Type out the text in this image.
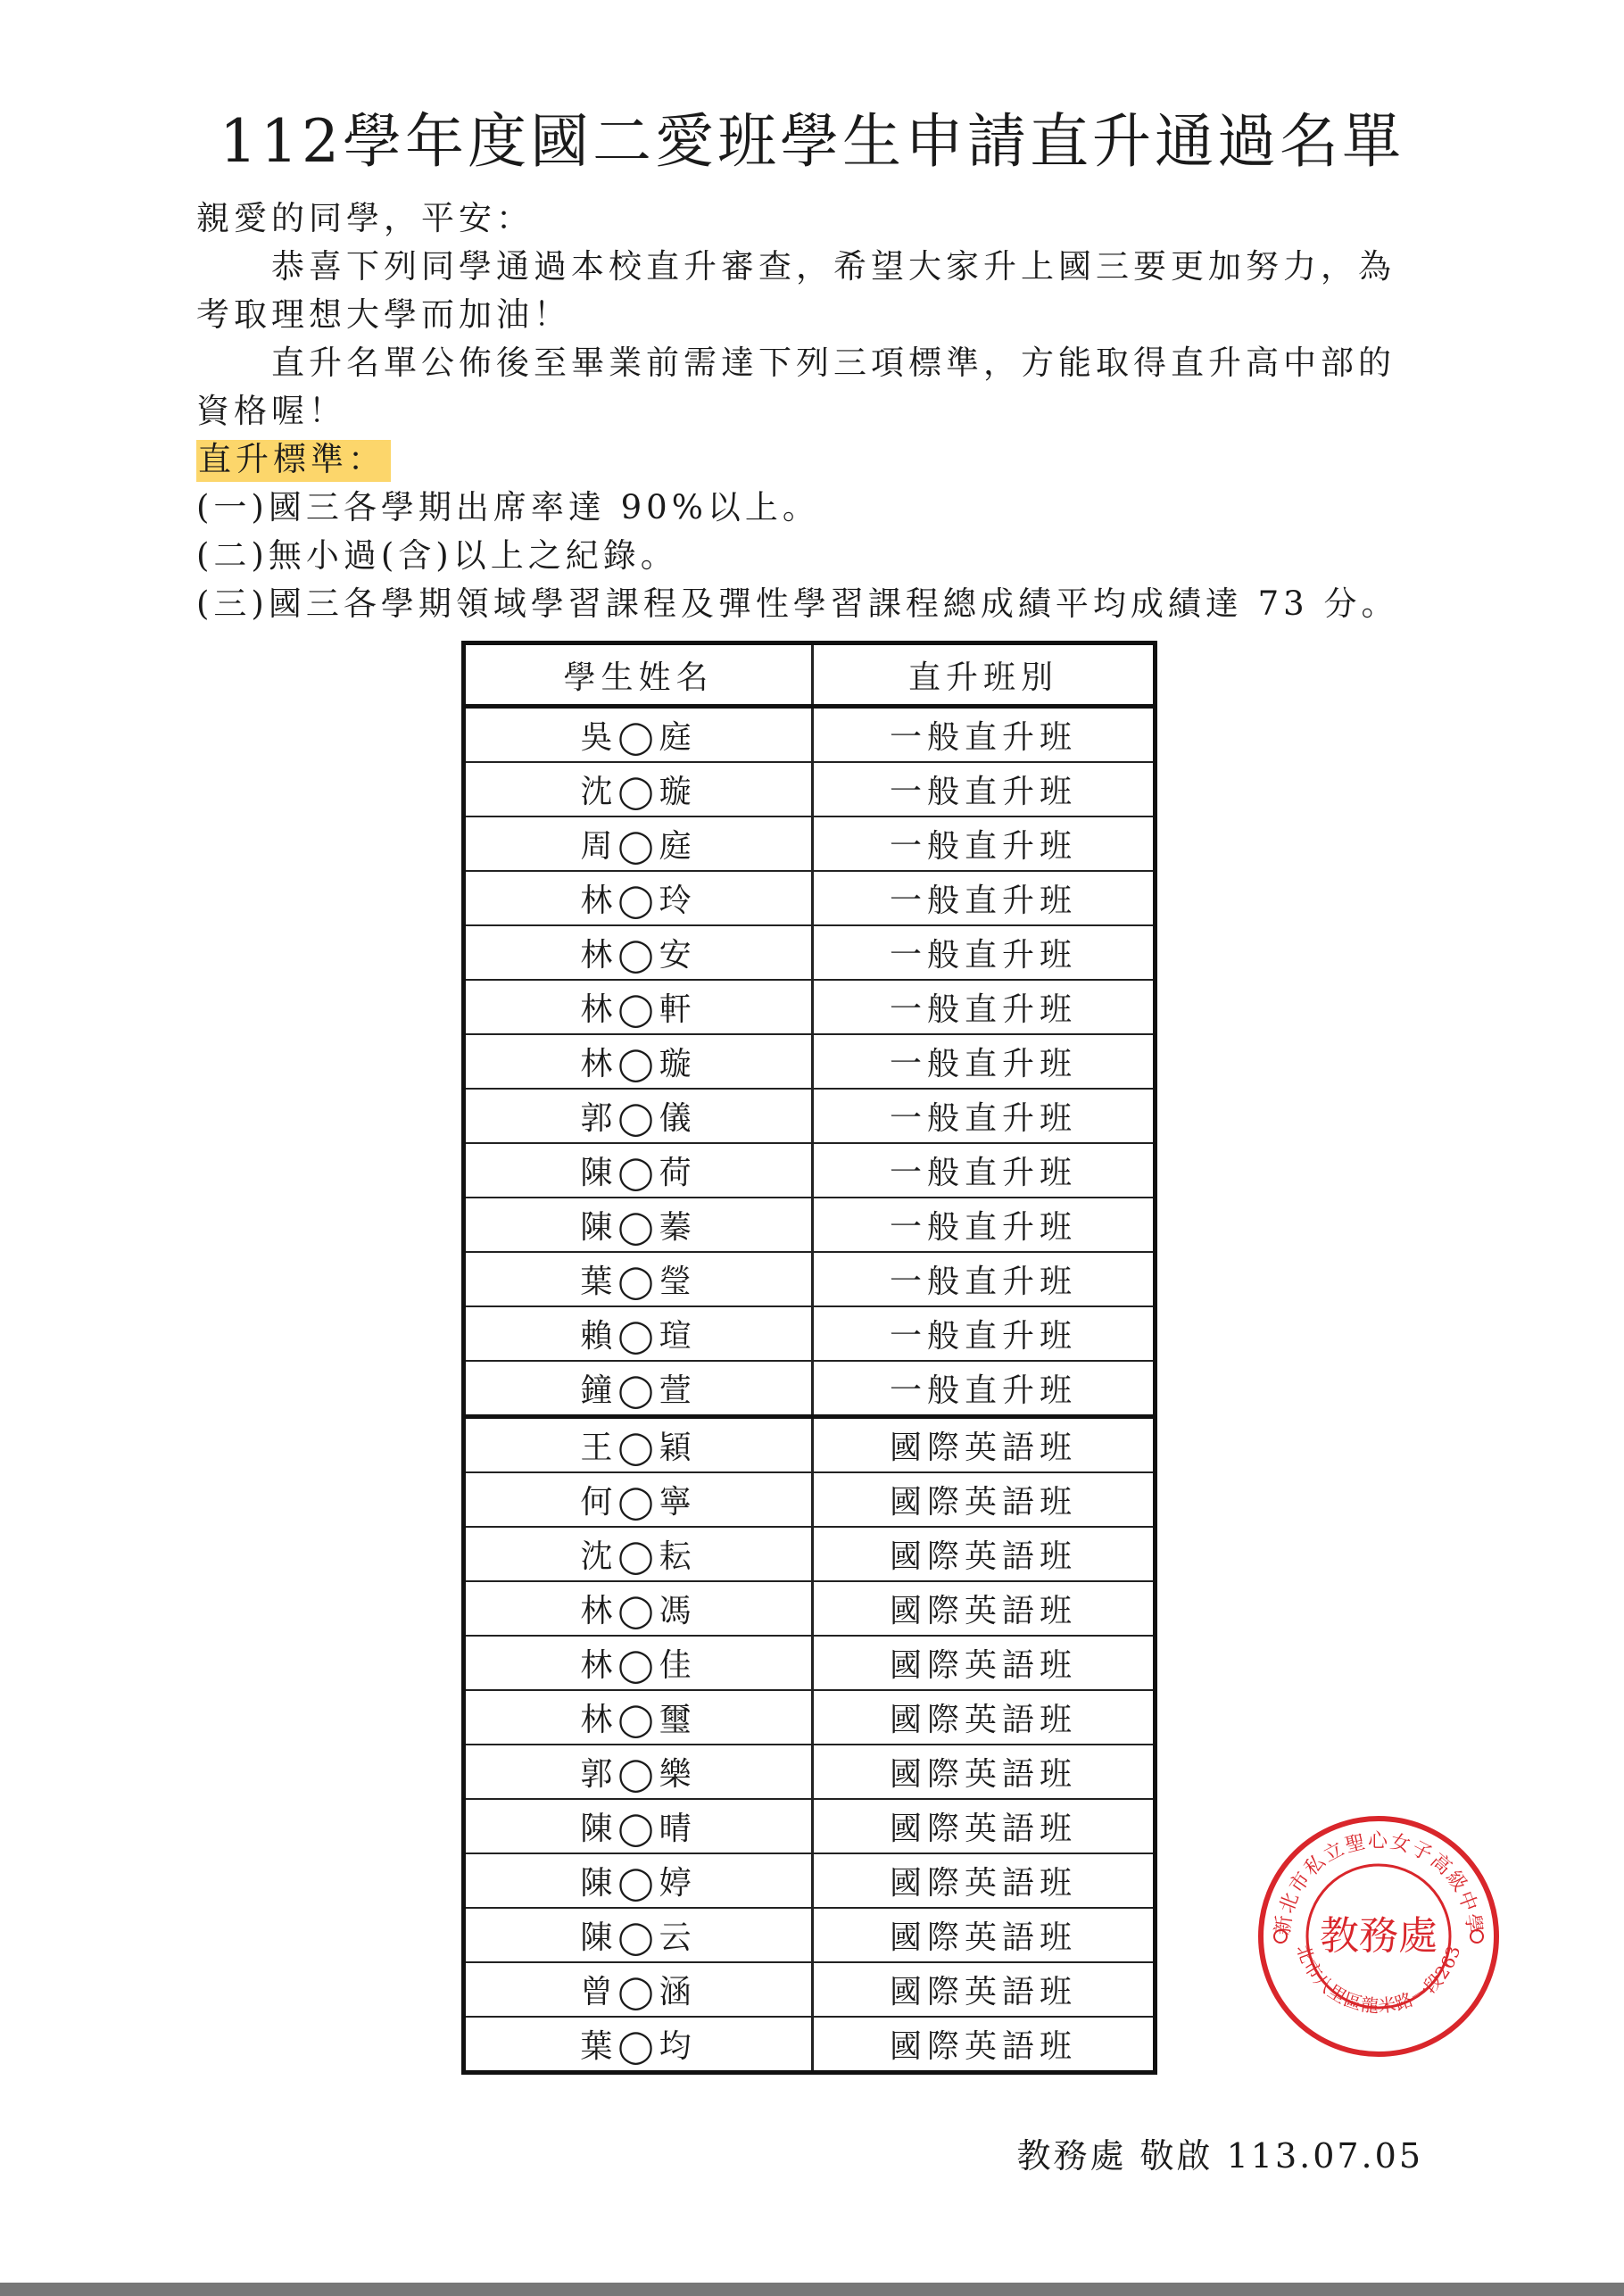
112學年度國二愛班學生申請直升通過名單
親愛的同學，平安：
恭喜下列同學通過本校直升審查，希望大家升上國三要更加努力，為考取理想大學而加油！
直升名單公佈後至畢業前需達下列三項標準，方能取得直升高中部的資格喔！
直升標準：
(一)國三各學期出席率達 90%以上。
(二)無小過(含)以上之紀錄。
(三)國三各學期領域學習課程及彈性學習課程總成績平均成績達 73 分。
學生姓名	直升班別
吳◯庭	一般直升班
沈◯璇	一般直升班
周◯庭	一般直升班
林◯玲	一般直升班
林◯安	一般直升班
林◯軒	一般直升班
林◯璇	一般直升班
郭◯儀	一般直升班
陳◯荷	一般直升班
陳◯蓁	一般直升班
葉◯瑩	一般直升班
賴◯瑄	一般直升班
鐘◯萱	一般直升班
王◯穎	國際英語班
何◯寧	國際英語班
沈◯耘	國際英語班
林◯馮	國際英語班
林◯佳	國際英語班
林◯璽	國際英語班
郭◯樂	國際英語班
陳◯晴	國際英語班
陳◯婷	國際英語班
陳◯云	國際英語班
曾◯涵	國際英語班
葉◯均	國際英語班
新北市私立聖心女子高級中學
北市八里區龍米路一段263
教務處
教務處 敬啟 113.07.05
